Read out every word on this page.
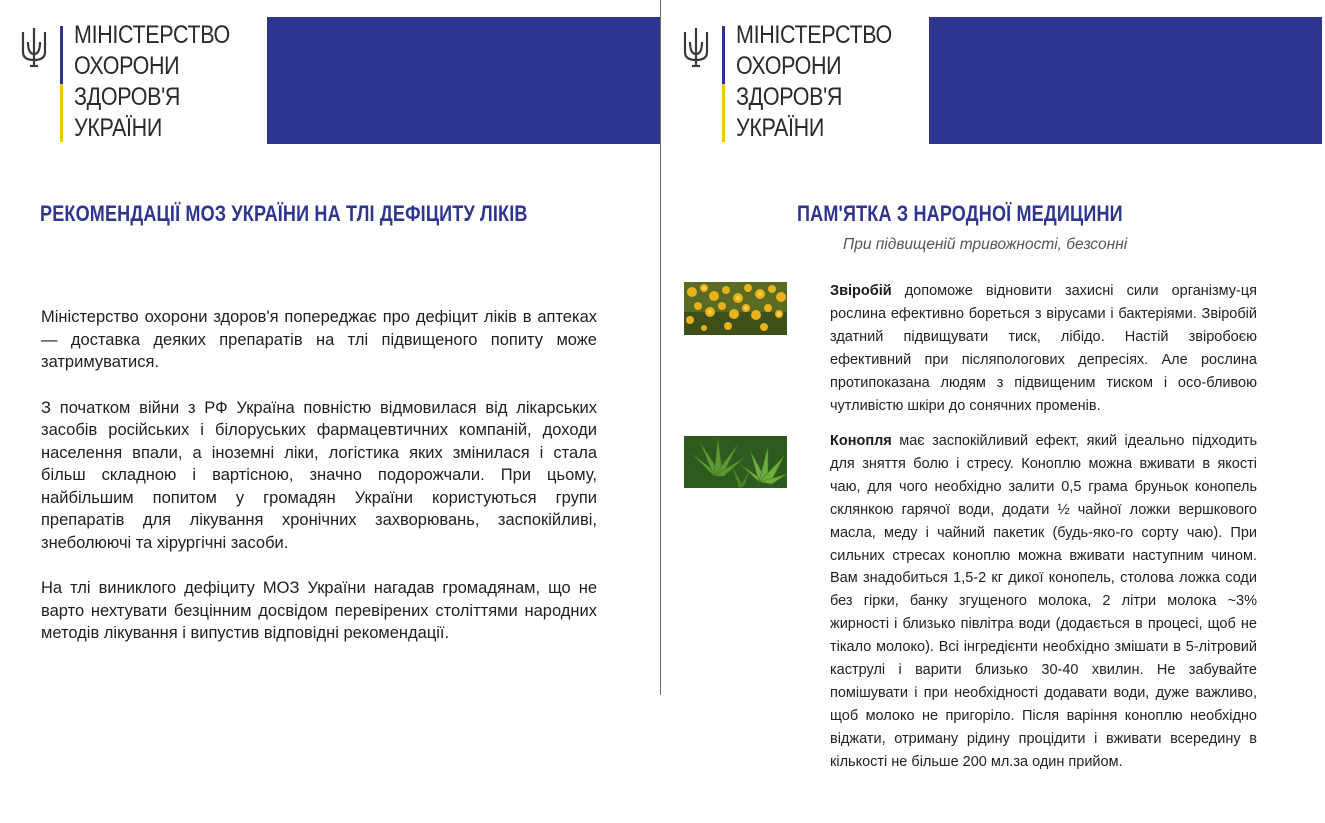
МІНІСТЕРСТВО
ОХОРОНИ
ЗДОРОВ'Я
УКРАЇНИ
РЕКОМЕНДАЦІЇ МОЗ УКРАЇНИ НА ТЛІ ДЕФІЦИТУ ЛІКІВ

Міністерство охорони здоров'я попереджає про дефіцит ліків в аптеках — доставка деяких препаратів на тлі підвищеного попиту може затримуватися.

З початком війни з РФ Україна повністю відмовилася від лікарських засобів російських і білоруських фармацевтичних компаній, доходи населення впали, а іноземні ліки, логістика яких змінилася і стала більш складною і вартісною, значно подорожчали. При цьому, найбільшим попитом у громадян України користуються групи препаратів для лікування хронічних захворювань, заспокійливі, знеболюючі та хірургічні засоби.

На тлі виниклого дефіциту МОЗ України нагадав громадянам, що не варто нехтувати безцінним досвідом перевірених століттями народних методів лікування і випустив відповідні рекомендації.

МІНІСТЕРСТВО
ОХОРОНИ
ЗДОРОВ'Я
УКРАЇНИ
ПАМ'ЯТКА З НАРОДНОЇ МЕДИЦИНИ
При підвищеній тривожності, безсонні
Звіробій допоможе відновити захисні сили організму-ця рослина ефективно бореться з вірусами і бактеріями. Звіробій здатний підвищувати тиск, лібідо. Настій звіробоєю ефективний при післяпологових депресіях. Але рослина протипоказана людям з підвищеним тиском і осо-бливою чутливістю шкіри до сонячних променів.
Конопля має заспокійливий ефект, який ідеально підходить для зняття болю і стресу. Коноплю можна вживати в якості чаю, для чого необхідно залити 0,5 грама бруньок конопель склянкою гарячої води, додати ½ чайної ложки вершкового масла, меду і чайний пакетик (будь-яко-го сорту чаю). При сильних стресах коноплю можна вживати наступним чином. Вам знадобиться 1,5-2 кг дикої конопель, столова ложка соди без гірки, банку згущеного молока, 2 літри молока ~3% жирності і близько півлітра води (додається в процесі, щоб не тікало молоко). Всі інгредієнти необхідно змішати в 5-літровий каструлі і варити близько 30-40 хвилин. Не забувайте помішувати і при необхідності додавати води, дуже важливо, щоб молоко не пригоріло. Після варіння коноплю необхідно віджати, отриману рідину процідити і вживати всередину в кількості не більше 200 мл.за один прийом.
